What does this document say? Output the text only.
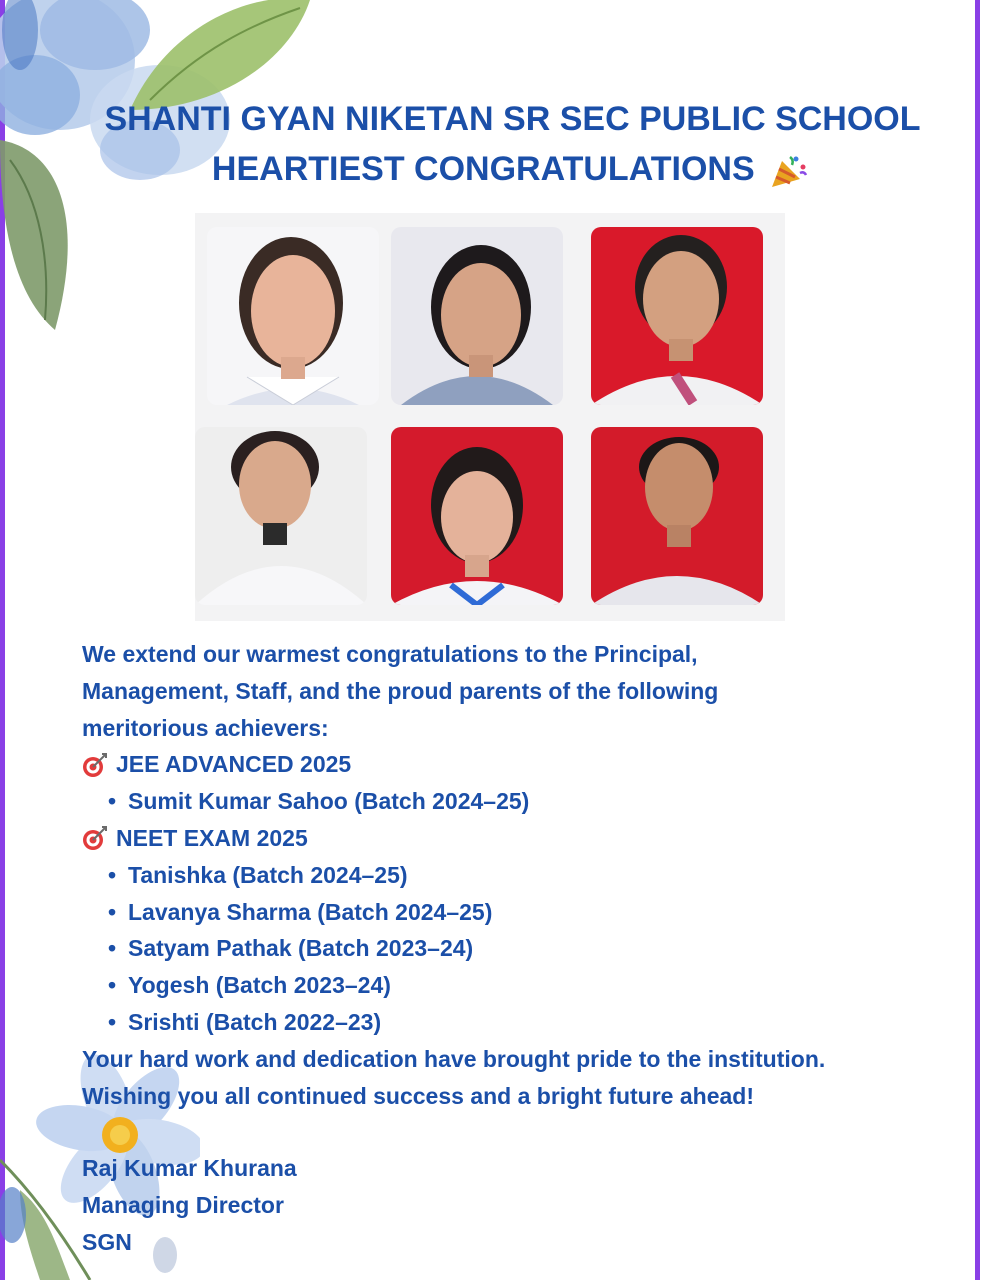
SHANTI GYAN NIKETAN SR SEC PUBLIC SCHOOL
HEARTIEST CONGRATULATIONS

We extend our warmest congratulations to the Principal,

Management, Staff, and the proud parents of the following

meritorious achievers:

JEE ADVANCED 2025

• Sumit Kumar Sahoo (Batch 2024–25)

NEET EXAM 2025

• Tanishka (Batch 2024–25)

• Lavanya Sharma (Batch 2024–25)

• Satyam Pathak (Batch 2023–24)

• Yogesh (Batch 2023–24)

• Srishti (Batch 2022–23)

Your hard work and dedication have brought pride to the institution.

Wishing you all continued success and a bright future ahead!

Raj Kumar Khurana

Managing Director

SGN
